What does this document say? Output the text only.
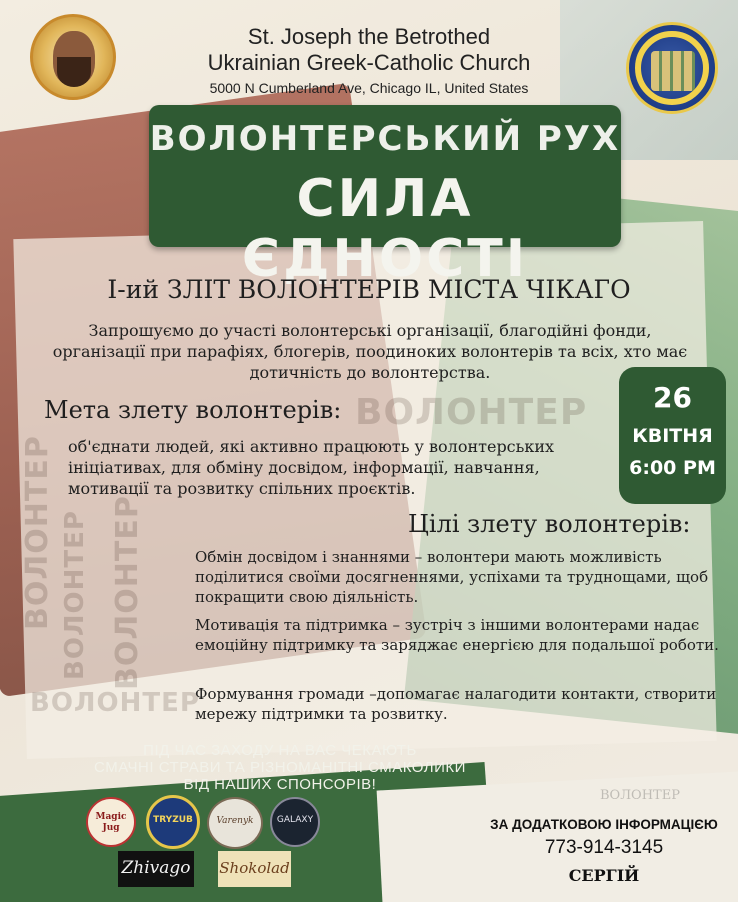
ВОЛОНТЕР
ВОЛОНТЕР ВОЛОНТЕР
ВОЛОНТЕР
ВОЛОНТЕР
St. Joseph the Betrothed
Ukrainian Greek-Catholic Church
5000 N Cumberland Ave, Chicago IL, United States
ВОЛОНТЕРСЬКИЙ РУХ
СИЛА ЄДНОСТІ
І-ий ЗЛІТ ВОЛОНТЕРІВ МІСТА ЧІКАГО
Запрошуємо до участі волонтерські організації, благодійні фонди, організації при парафіях, блогерів, поодиноких волонтерів та всіх, хто має дотичність до волонтерства.
26
КВІТНЯ
6:00 PM
Мета злету волонтерів:
об'єднати людей, які активно працюють у волонтерських ініціативах, для обміну досвідом, інформації, навчання, мотивації та розвитку спільних проєктів.
Цілі злету волонтерів:
Обмін досвідом і знаннями – волонтери мають можливість поділитися своїми досягненнями, успіхами та труднощами, щоб покращити свою діяльність.
Мотивація та підтримка – зустріч з іншими волонтерами надає емоційну підтримку та заряджає енергією для подальшої роботи.
Формування громади –допомагає налагодити контакти, створити мережу підтримки та розвитку.
ПІД ЧАС ЗАХОДУ НА ВАС ЧЕКАЮТЬ
СМАЧНІ СТРАВИ ТА РІЗНОМАНІТНІ СМАКОЛИКИ
ВІД НАШИХ СПОНСОРІВ!
Magic Jug
TRYZUB	Varenyk	GALAXY
Zhivago Shokolad
ВОЛОНТЕР
ЗА ДОДАТКОВОЮ ІНФОРМАЦІЄЮ
773-914-3145
СЕРГІЙ
